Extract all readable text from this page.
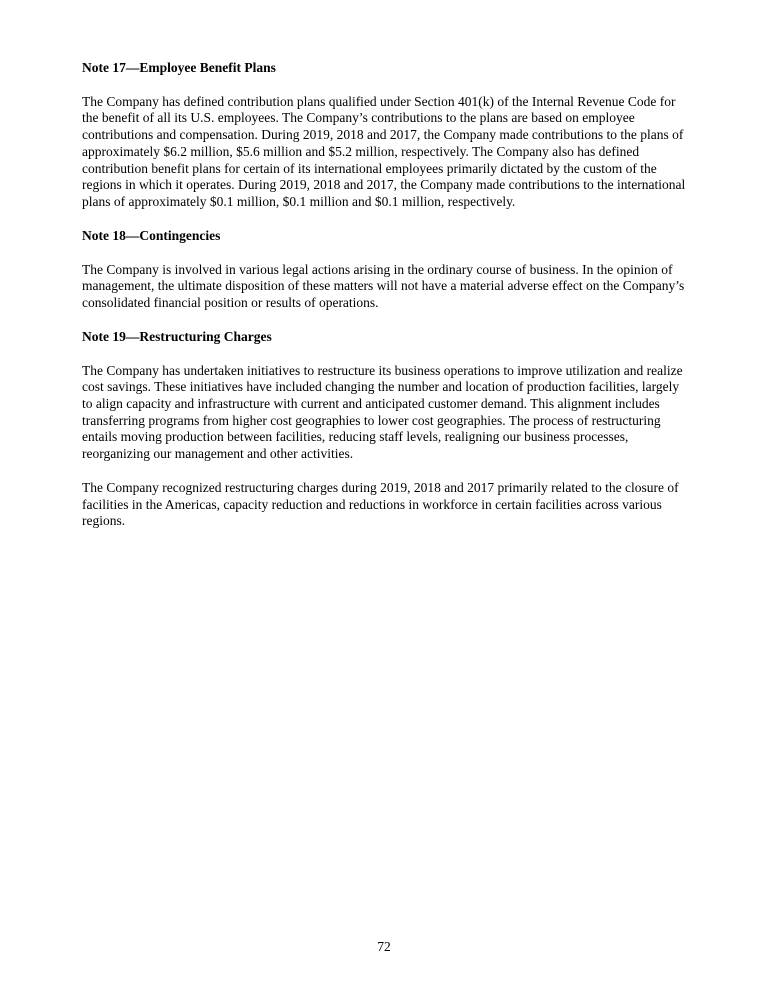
Note 17—Employee Benefit Plans

The Company has defined contribution plans qualified under Section 401(k) of the Internal Revenue Code for the benefit of all its U.S. employees. The Company’s contributions to the plans are based on employee contributions and compensation. During 2019, 2018 and 2017, the Company made contributions to the plans of approximately $6.2 million, $5.6 million and $5.2 million, respectively. The Company also has defined contribution benefit plans for certain of its international employees primarily dictated by the custom of the regions in which it operates. During 2019, 2018 and 2017, the Company made contributions to the international plans of approximately $0.1 million, $0.1 million and $0.1 million, respectively.

Note 18—Contingencies

The Company is involved in various legal actions arising in the ordinary course of business. In the opinion of management, the ultimate disposition of these matters will not have a material adverse effect on the Company’s consolidated financial position or results of operations.

Note 19—Restructuring Charges

The Company has undertaken initiatives to restructure its business operations to improve utilization and realize cost savings. These initiatives have included changing the number and location of production facilities, largely to align capacity and infrastructure with current and anticipated customer demand. This alignment includes transferring programs from higher cost geographies to lower cost geographies. The process of restructuring entails moving production between facilities, reducing staff levels, realigning our business processes, reorganizing our management and other activities.

The Company recognized restructuring charges during 2019, 2018 and 2017 primarily related to the closure of facilities in the Americas, capacity reduction and reductions in workforce in certain facilities across various regions.

72
